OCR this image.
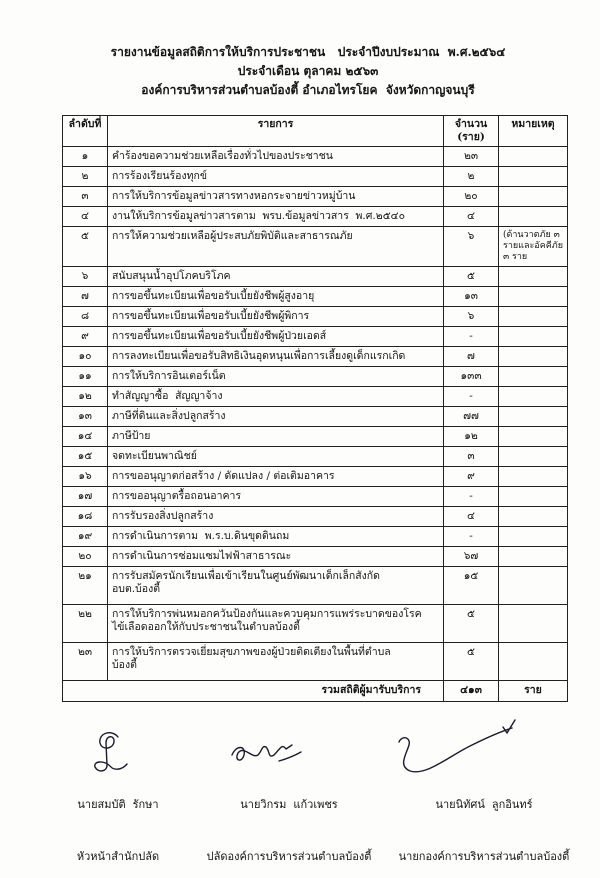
รายงานข้อมูลสถิติการให้บริการประชาชน   ประจำปีงบประมาณ  พ.ศ.๒๕๖๔
ประจำเดือน ตุลาคม ๒๕๖๓
องค์การบริหารส่วนตำบลบ้องตี้ อำเภอไทรโยค  จังหวัดกาญจนบุรี
ลำดับที่	รายการ	จำนวน (ราย)	หมายเหตุ
๑	คำร้องขอความช่วยเหลือเรื่องทั่วไปของประชาชน	๒๓	
๒	การร้องเรียนร้องทุกข์	๒	
๓	การให้บริการข้อมูลข่าวสารทางหอกระจายข่าวหมู่บ้าน	๒๐	
๔	งานให้บริการข้อมูลข่าวสารตาม  พรบ.ข้อมูลข่าวสาร  พ.ศ.๒๕๔๐	๔	
๕	การให้ความช่วยเหลือผู้ประสบภัยพิบัติและสาธารณภัย	๖	(ด้านวาตภัย ๓ รายและอัคคีภัย ๓ ราย
๖	สนับสนุนน้ำอุปโภคบริโภค	๕	
๗	การขอขึ้นทะเบียนเพื่อขอรับเบี้ยยังชีพผู้สูงอายุ	๑๓	
๘	การขอขึ้นทะเบียนเพื่อขอรับเบี้ยยังชีพผู้พิการ	๖	
๙	การขอขึ้นทะเบียนเพื่อขอรับเบี้ยยังชีพผู้ป่วยเอดส์	-	
๑๐	การลงทะเบียนเพื่อขอรับสิทธิเงินอุดหนุนเพื่อการเลี้ยงดูเด็กแรกเกิด	๗	
๑๑	การให้บริการอินเตอร์เน็ต	๑๓๓	
๑๒	ทำสัญญาซื้อ  สัญญาจ้าง	-	
๑๓	ภาษีที่ดินและสิ่งปลูกสร้าง	๗๗	
๑๔	ภาษีป้าย	๑๒	
๑๕	จดทะเบียนพาณิชย์	๓	
๑๖	การขออนุญาตก่อสร้าง / ดัดแปลง / ต่อเติมอาคาร	๙	
๑๗	การขออนุญาตรื้อถอนอาคาร	-	
๑๘	การรับรองสิ่งปลูกสร้าง	๔	
๑๙	การดำเนินการตาม  พ.ร.บ.ดินขุดดินถม	-	
๒๐	การดำเนินการซ่อมแซมไฟฟ้าสาธารณะ	๖๗	
๒๑	การรับสมัครนักเรียนเพื่อเข้าเรียนในศูนย์พัฒนาเด็กเล็กสังกัด
อบต.บ้องตี้	๑๕	
๒๒	การให้บริการพ่นหมอกควันป้องกันและควบคุมการแพร่ระบาดของโรค
ไข้เลือดออกให้กับประชาชนในตำบลบ้องตี้	๕	
๒๓	การให้บริการตรวจเยี่ยมสุขภาพของผู้ป่วยติดเตียงในพื้นที่ตำบล
บ้องตี้	๕	
รวมสถิติผู้มารับบริการ		๔๑๓	ราย

นายสมบัติ  รักษา

หัวหน้าสำนักปลัด

นายวิกรม  แก้วเพชร

ปลัดองค์การบริหารส่วนตำบลบ้องตี้

นายนิทัศน์  ลูกอินทร์

นายกองค์การบริหารส่วนตำบลบ้องตี้
